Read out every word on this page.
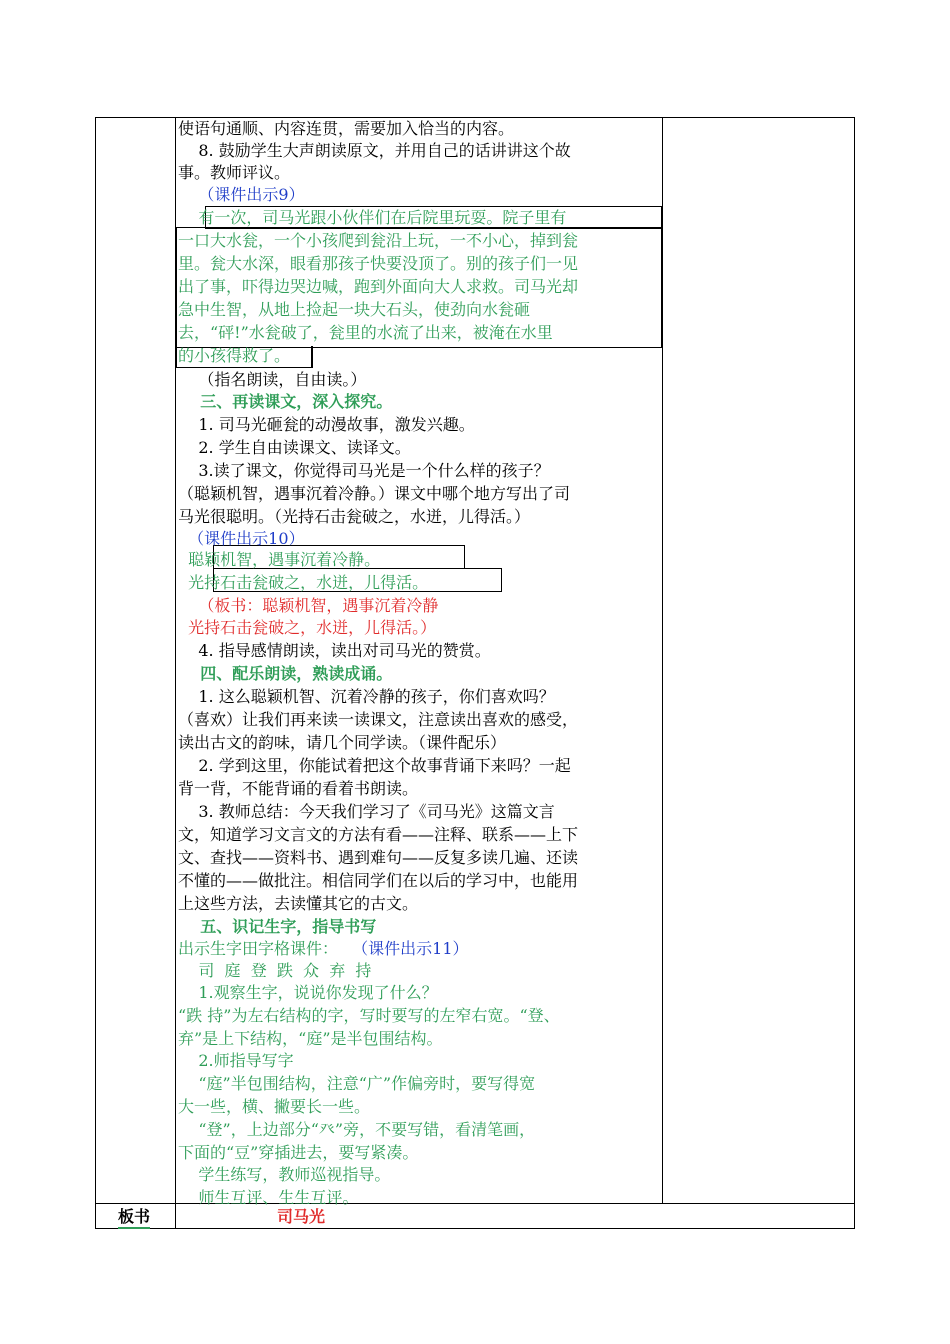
使语句通顺、内容连贯，需要加入恰当的内容。
8. 鼓励学生大声朗读原文，并用自己的话讲讲这个故
事。教师评议。
（课件出示9）
有一次，司马光跟小伙伴们在后院里玩耍。院子里有
一口大水瓮，一个小孩爬到瓮沿上玩，一不小心，掉到瓮
里。瓮大水深，眼看那孩子快要没顶了。别的孩子们一见
出了事，吓得边哭边喊，跑到外面向大人求救。司马光却
急中生智，从地上捡起一块大石头，使劲向水瓮砸
去，“砰!”水瓮破了，瓮里的水流了出来，被淹在水里
的小孩得救了。
（指名朗读，自由读。）
三、再读课文，深入探究。
1. 司马光砸瓮的动漫故事，激发兴趣。
2. 学生自由读课文、读译文。
3.读了课文，你觉得司马光是一个什么样的孩子？
（聪颖机智，遇事沉着冷静。）课文中哪个地方写出了司
马光很聪明。（光持石击瓮破之，水迸，儿得活。）
（课件出示10）
聪颖机智，遇事沉着冷静。
光持石击瓮破之，水迸，儿得活。
（板书：聪颖机智，遇事沉着冷静
光持石击瓮破之，水迸，儿得活。）
4. 指导感情朗读，读出对司马光的赞赏。
四、配乐朗读，熟读成诵。
1. 这么聪颖机智、沉着冷静的孩子，你们喜欢吗？
（喜欢）让我们再来读一读课文，注意读出喜欢的感受，
读出古文的韵味，请几个同学读。（课件配乐）
2. 学到这里，你能试着把这个故事背诵下来吗？一起
背一背，不能背诵的看着书朗读。
3. 教师总结：今天我们学习了《司马光》这篇文言
文，知道学习文言文的方法有看——注释、联系——上下
文、查找——资料书、遇到难句——反复多读几遍、还读
不懂的——做批注。相信同学们在以后的学习中，也能用
上这些方法，去读懂其它的古文。
五、识记生字，指导书写
（课件出示11）
出示生字田字格课件：
司  庭  登  跌  众  弃  持
1.观察生字，说说你发现了什么？
“跌 持”为左右结构的字，写时要写的左窄右宽。“登、
弃”是上下结构，“庭”是半包围结构。
2.师指导写字
“庭”半包围结构，注意“广”作偏旁时，要写得宽
大一些，横、撇要长一些。
“登”，上边部分“癶”旁，不要写错，看清笔画，
下面的“豆”穿插进去，要写紧凑。
学生练写，教师巡视指导。
师生互评、生生互评。
板书	司马光
